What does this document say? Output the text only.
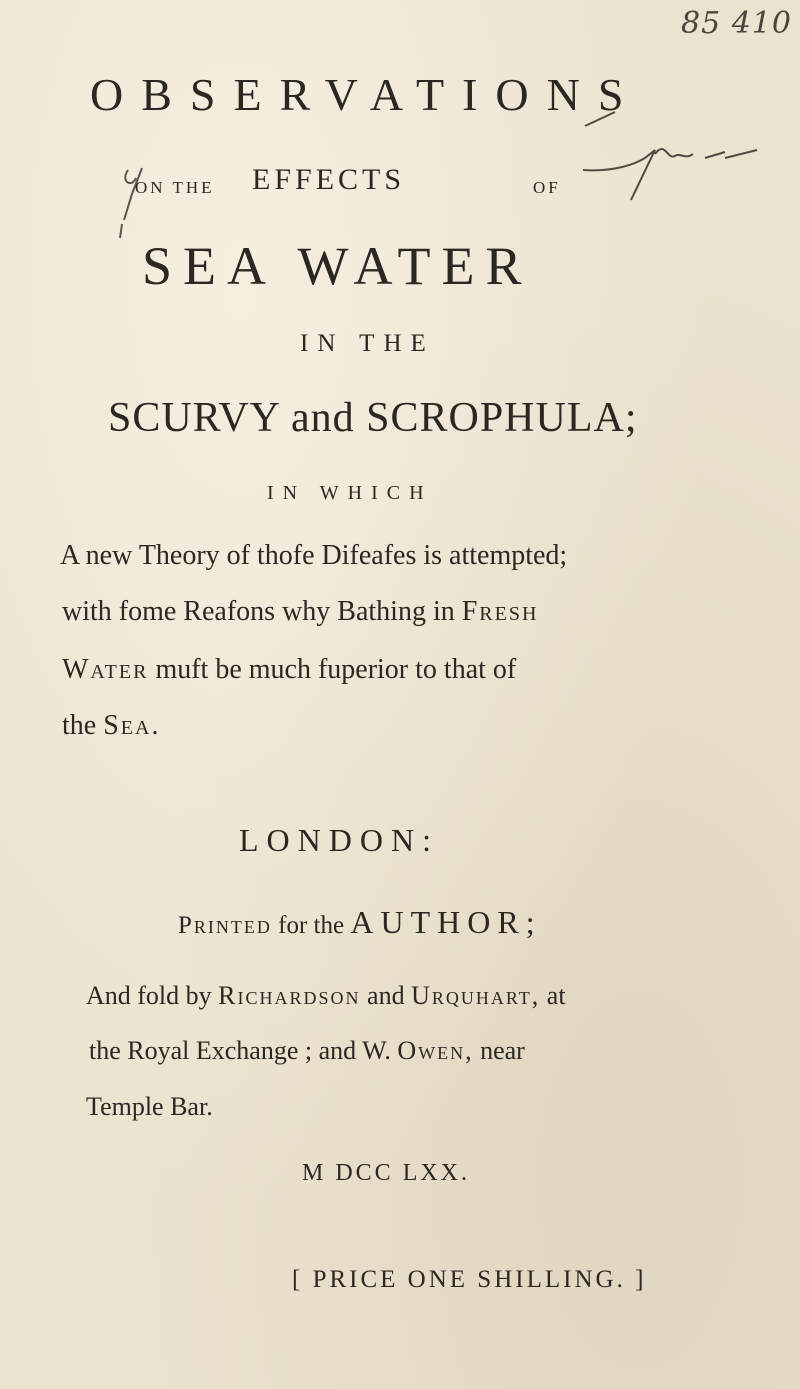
85 410
OBSERVATIONS
ON THE EFFECTS	OF
SEA WATER
IN THE
SCURVY and SCROPHULA;
IN WHICH
A new Theory of thofe Difeafes is attempted;
with fome Reafons why Bathing in Fresh
Water muft be much fuperior to that of
the Sea.
LONDON:
Printed for the AUTHOR;
And fold by Richardson and Urquhart, at
the Royal Exchange ; and W. Owen, near
Temple Bar.
M DCC LXX.
[ PRICE ONE SHILLING. ]
